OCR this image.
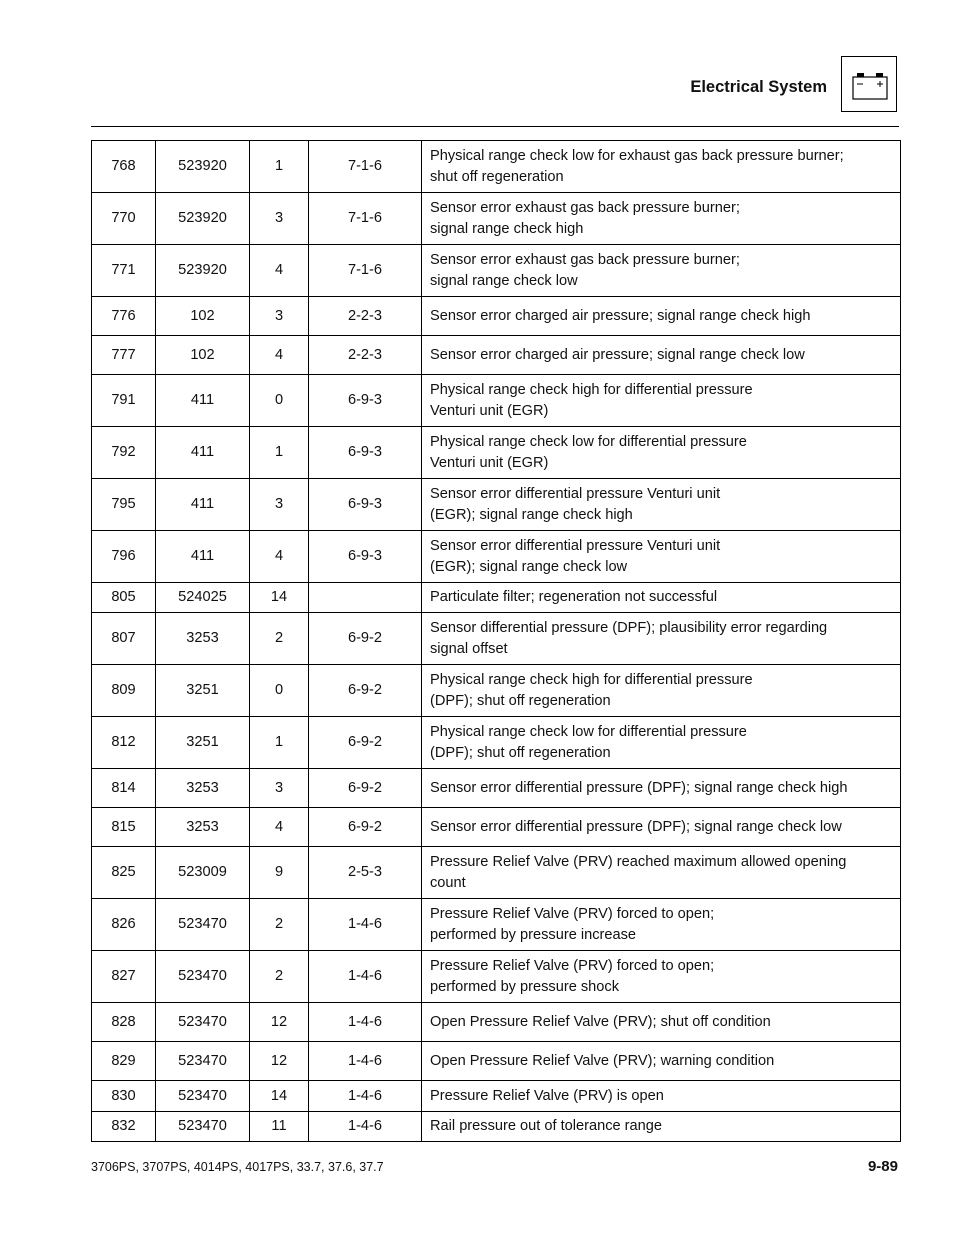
Electrical System
768	523920	1	7-1-6	Physical range check low for exhaust gas back pressure burner;
shut off regeneration

770	523920	3	7-1-6	Sensor error exhaust gas back pressure burner;
signal range check high

771	523920	4	7-1-6	Sensor error exhaust gas back pressure burner;
signal range check low

776	102	3	2-2-3	Sensor error charged air pressure; signal range check high

777	102	4	2-2-3	Sensor error charged air pressure; signal range check low

791	411	0	6-9-3	Physical range check high for differential pressure
Venturi unit (EGR)

792	411	1	6-9-3	Physical range check low for differential pressure
Venturi unit (EGR)

795	411	3	6-9-3	Sensor error differential pressure Venturi unit
(EGR); signal range check high

796	411	4	6-9-3	Sensor error differential pressure Venturi unit
(EGR); signal range check low

805	524025	14		Particulate filter; regeneration not successful

807	3253	2	6-9-2	Sensor differential pressure (DPF); plausibility error regarding
signal offset

809	3251	0	6-9-2	Physical range check high for differential pressure
(DPF); shut off regeneration

812	3251	1	6-9-2	Physical range check low for differential pressure
(DPF); shut off regeneration

814	3253	3	6-9-2	Sensor error differential pressure (DPF); signal range check high

815	3253	4	6-9-2	Sensor error differential pressure (DPF); signal range check low

825	523009	9	2-5-3	Pressure Relief Valve (PRV) reached maximum allowed opening
count

826	523470	2	1-4-6	Pressure Relief Valve (PRV) forced to open;
performed by pressure increase

827	523470	2	1-4-6	Pressure Relief Valve (PRV) forced to open;
performed by pressure shock

828	523470	12	1-4-6	Open Pressure Relief Valve (PRV); shut off condition

829	523470	12	1-4-6	Open Pressure Relief Valve (PRV); warning condition

830	523470	14	1-4-6	Pressure Relief Valve (PRV) is open

832	523470	11	1-4-6	Rail pressure out of tolerance range
3706PS, 3707PS, 4014PS, 4017PS, 33.7, 37.6, 37.7	9-89
